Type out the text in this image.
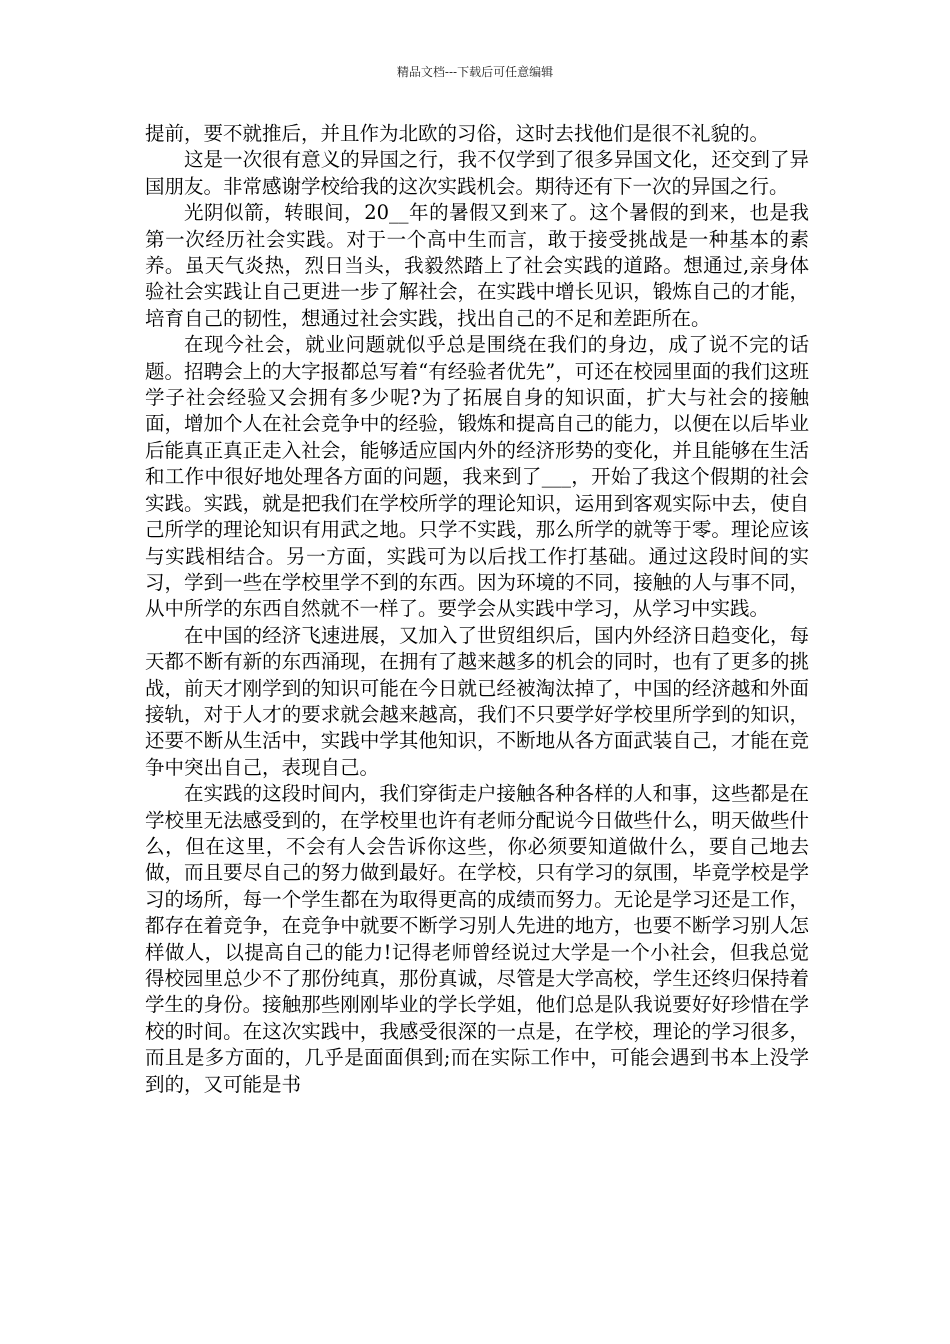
精品文档---下载后可任意编辑

提前，要不就推后，并且作为北欧的习俗，这时去找他们是很不礼貌的。

这是一次很有意义的异国之行，我不仅学到了很多异国文化，还交到了异国朋友。非常感谢学校给我的这次实践机会。期待还有下一次的异国之行。

光阴似箭，转眼间，20__年的暑假又到来了。这个暑假的到来，也是我第一次经历社会实践。对于一个高中生而言，敢于接受挑战是一种基本的素养。虽天气炎热，烈日当头，我毅然踏上了社会实践的道路。想通过,亲身体验社会实践让自己更进一步了解社会，在实践中增长见识，锻炼自己的才能，培育自己的韧性，想通过社会实践，找出自己的不足和差距所在。

在现今社会，就业问题就似乎总是围绕在我们的身边，成了说不完的话题。招聘会上的大字报都总写着“有经验者优先”，可还在校园里面的我们这班学子社会经验又会拥有多少呢?为了拓展自身的知识面，扩大与社会的接触面，增加个人在社会竞争中的经验，锻炼和提高自己的能力，以便在以后毕业后能真正真正走入社会，能够适应国内外的经济形势的变化，并且能够在生活和工作中很好地处理各方面的问题，我来到了___，开始了我这个假期的社会实践。实践，就是把我们在学校所学的理论知识，运用到客观实际中去，使自己所学的理论知识有用武之地。只学不实践，那么所学的就等于零。理论应该与实践相结合。另一方面，实践可为以后找工作打基础。通过这段时间的实习，学到一些在学校里学不到的东西。因为环境的不同，接触的人与事不同，从中所学的东西自然就不一样了。要学会从实践中学习，从学习中实践。

在中国的经济飞速进展，又加入了世贸组织后，国内外经济日趋变化，每天都不断有新的东西涌现，在拥有了越来越多的机会的同时，也有了更多的挑战，前天才刚学到的知识可能在今日就已经被淘汰掉了，中国的经济越和外面接轨，对于人才的要求就会越来越高，我们不只要学好学校里所学到的知识，还要不断从生活中，实践中学其他知识，不断地从各方面武装自己，才能在竞争中突出自己，表现自己。

在实践的这段时间内，我们穿街走户接触各种各样的人和事，这些都是在学校里无法感受到的，在学校里也许有老师分配说今日做些什么，明天做些什么，但在这里，不会有人会告诉你这些，你必须要知道做什么，要自己地去做，而且要尽自己的努力做到最好。在学校，只有学习的氛围，毕竟学校是学习的场所，每一个学生都在为取得更高的成绩而努力。无论是学习还是工作，都存在着竞争，在竞争中就要不断学习别人先进的地方，也要不断学习别人怎样做人，以提高自己的能力!记得老师曾经说过大学是一个小社会，但我总觉得校园里总少不了那份纯真，那份真诚，尽管是大学高校，学生还终归保持着学生的身份。接触那些刚刚毕业的学长学姐，他们总是队我说要好好珍惜在学校的时间。在这次实践中，我感受很深的一点是，在学校，理论的学习很多，而且是多方面的，几乎是面面俱到;而在实际工作中，可能会遇到书本上没学到的，又可能是书
